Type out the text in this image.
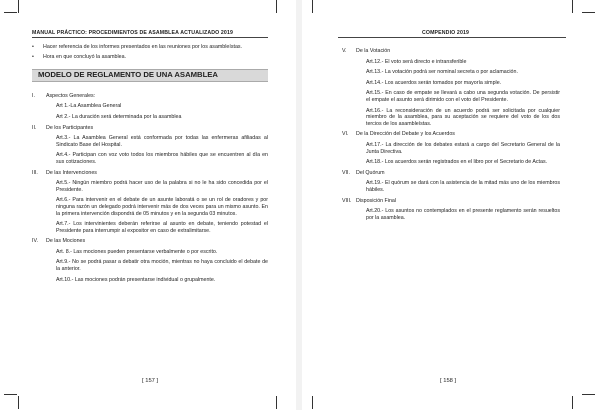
MANUAL PRÁCTICO: PROCEDIMIENTOS DE ASAMBLEA ACTUALIZADO 2019
• Hacer referencia de los informes presentados en las reuniones por los asambleístas.
• Hora en que concluyó la asamblea.
MODELO DE REGLAMENTO DE UNA ASAMBLEA
I. Aspectos Generales:
Art 1.-La Asamblea General
Art 2.- La duración será determinada por la asamblea
II. De los Participantes
Art.3.- La Asamblea General está conformada por todas las enfermeras afiliadas al Sindicato Base del Hospital.
Art.4.- Participan con voz voto todos los miembros hábiles que se encuentren al día en sus cotizaciones.
III. De las Intervenciones
Art.5.- Ningún miembro podrá hacer uso de la palabra si no le ha sido concedida por el Presidente.
Art.6.- Para intervenir en el debate de un asunte laboratá o se un rol de oradores y por ninguna razón un delegado podrá intervenir más de dos veces para un mismo asunto. En la primera intervención dispondrá de 05 minutos y en la segunda 03 minutos.
Art.7.- Los intervinientes deberán referirse al asunto en debate, teniendo potestad el Presidente para interrumpir al expositor en caso de extralimitarse.
IV. De las Mociones
Art. 8.- Las mociones pueden presentarse verbalmente o por escrito.
Art.9.- No se podrá pasar a debatir otra moción, mientras no haya concluido el debate de la anterior.
Art.10.- Las mociones podrán presentarse individual o grupalmente.
[ 157 ]
COMPENDIO 2019
V. De la Votación
Art.12.- El voto será directo e intransferible
Art.13.- La votación podrá ser nominal secreta o por aclamación.
Art.14.- Los acuerdos serán tomados por mayoría simple.
Art.15.- En caso de empate se llevará a cabo una segunda votación. De persistir el empate el asunto será dirimido con el voto del Presidente.
Art.16.- La reconsideración de un acuerdo podrá ser solicitada por cualquier miembro de la asamblea, para su aceptación se requiere del voto de los dos tercios de los asambleístas.
VI. De la Dirección del Debate y los Acuerdos
Art.17.- La dirección de los debates estará a cargo del Secretario General de la Junta Directiva.
Art.18.- Los acuerdos serán registrados en el libro por el Secretario de Actas.
VII. Del Quórum
Art.19.- El quórum se dará con la asistencia de la mitad más uno de los miembros hábiles.
VIII. Disposición Final
Art.20.- Los asuntos no contemplados en el presente reglamento serán resueltos por la asamblea.
[ 158 ]
